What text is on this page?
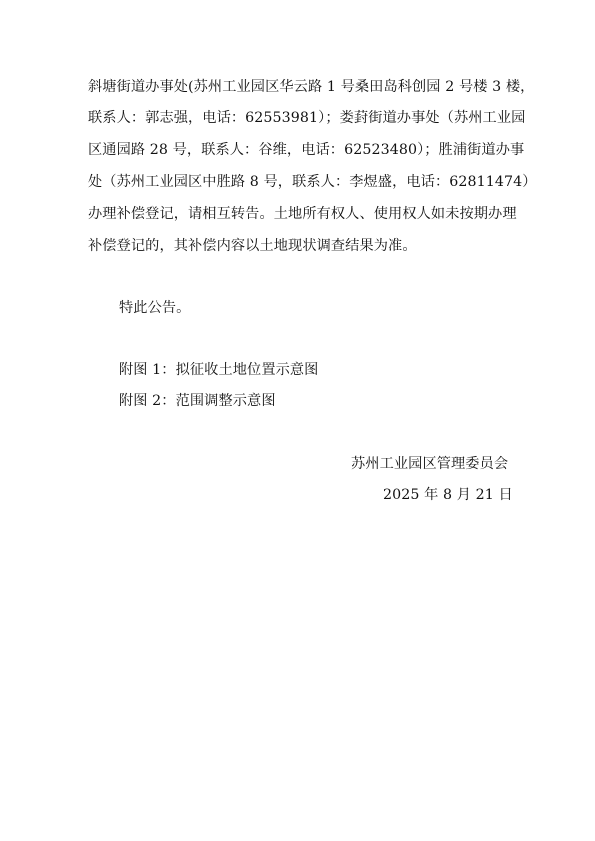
斜塘街道办事处(苏州工业园区华云路 1 号桑田岛科创园 2 号楼 3 楼，
联系人：郭志强，电话：62553981）；娄葑街道办事处（苏州工业园
区通园路 28 号，联系人：谷维，电话：62523480）；胜浦街道办事
处（苏州工业园区中胜路 8 号，联系人：李煜盛，电话：62811474）
办理补偿登记，请相互转告。土地所有权人、使用权人如未按期办理
补偿登记的，其补偿内容以土地现状调查结果为准。
特此公告。
附图 1：拟征收土地位置示意图
附图 2：范围调整示意图
苏州工业园区管理委员会
2025 年 8 月 21 日
